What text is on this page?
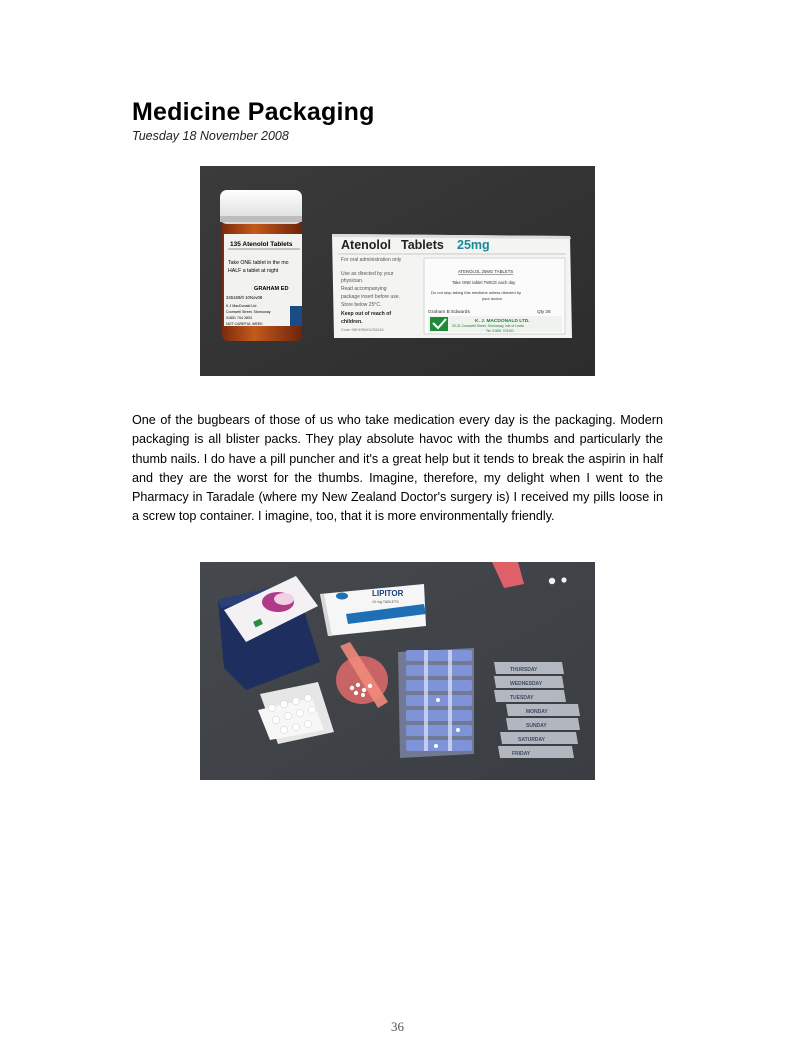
Medicine Packaging
Tuesday 18 November 2008
135 Atenolol Tablets
Take ONE tablet in the mo
HALF a tablet at night
GRAHAM ED
345168/0 10Nov08
K J MacDonald Ltd
Cromwell Street, Stornoway
01851 704 2803
NOT CAREFUL WEEK
Atenolol Tablets 25mg
For oral administration only
Use as directed by your
physician.
Read accompanying
package insert before use.
Store below 25°C.
Keep out of reach of
children.
Code: 0NHORMOUS/N/18
ATENOLOL 25MG TABLETS
Take ONE tablet TWICE each day
Do not stop taking this medicine unless directed by
your doctor.
Graham B Edwards	Qty 28
K. J. MACDONALD LTD.
20-31 Cromwell Street, Stornoway, Isle of Lewis
Tel: 01851 703101
One of the bugbears of those of us who take medication every day is the packaging. Modern packaging is all blister packs. They play absolute havoc with the thumbs and particularly the thumb nails. I do have a pill puncher and it's a great help but it tends to break the aspirin in half and they are the worst for the thumbs. Imagine, therefore, my delight when I went to the Pharmacy in Taradale (where my New Zealand Doctor's surgery is) I received my pills loose in a screw top container. I imagine, too, that it is more environmentally friendly.
LIPITOR
10 mg TABLETS
THURSDAY
WEDNESDAY
TUESDAY
MONDAY
SUNDAY
SATURDAY
FRIDAY
36
